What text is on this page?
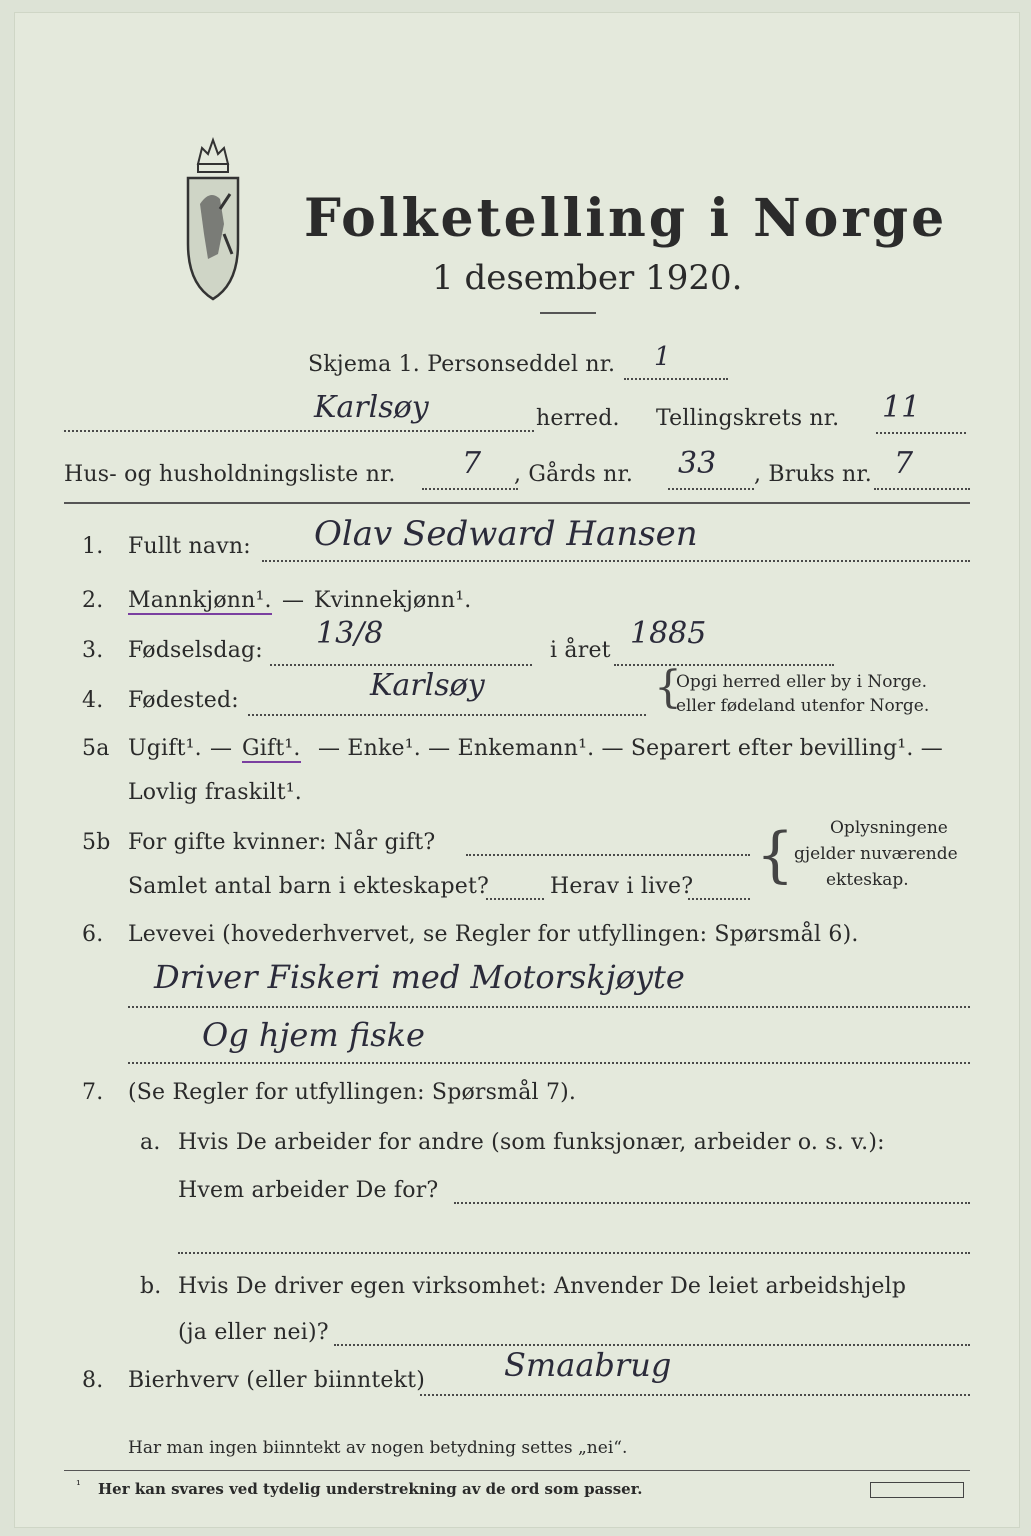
Folketelling i Norge
1 desember 1920.
Skjema 1. Personseddel nr. 1
Karlsøy	herred. Tellingskrets nr. 11
Hus- og husholdningsliste nr. 7 , Gårds nr. 33 , Bruks nr. 7
1. Fullt navn: Olav Sedward Hansen
2. Mannkjønn¹. — Kvinnekjønn¹.
3. Fødselsdag: 13/8	i året 1885
4. Fødested:	Karlsøy	{
Opgi herred eller by i Norge.
eller fødeland utenfor Norge.
5a Ugift¹. — Gift¹. — Enke¹. — Enkemann¹. — Separert efter bevilling¹. —
Lovlig fraskilt¹.
5b For gifte kvinner: Når gift?
Samlet antal barn i ekteskapet?	Herav i live? { Oplysningene
gjelder nuværende
ekteskap.
6. Levevei (hovederhvervet, se Regler for utfyllingen: Spørsmål 6).
Driver Fiskeri med Motorskjøyte
Og hjem fiske
7. (Se Regler for utfyllingen: Spørsmål 7).
a. Hvis De arbeider for andre (som funksjonær, arbeider o. s. v.):
Hvem arbeider De for?
b. Hvis De driver egen virksomhet: Anvender De leiet arbeidshjelp
(ja eller nei)?
8. Bierhverv (eller biinntekt) Smaabrug
Har man ingen biinntekt av nogen betydning settes „nei“.
¹ Her kan svares ved tydelig understrekning av de ord som passer.
